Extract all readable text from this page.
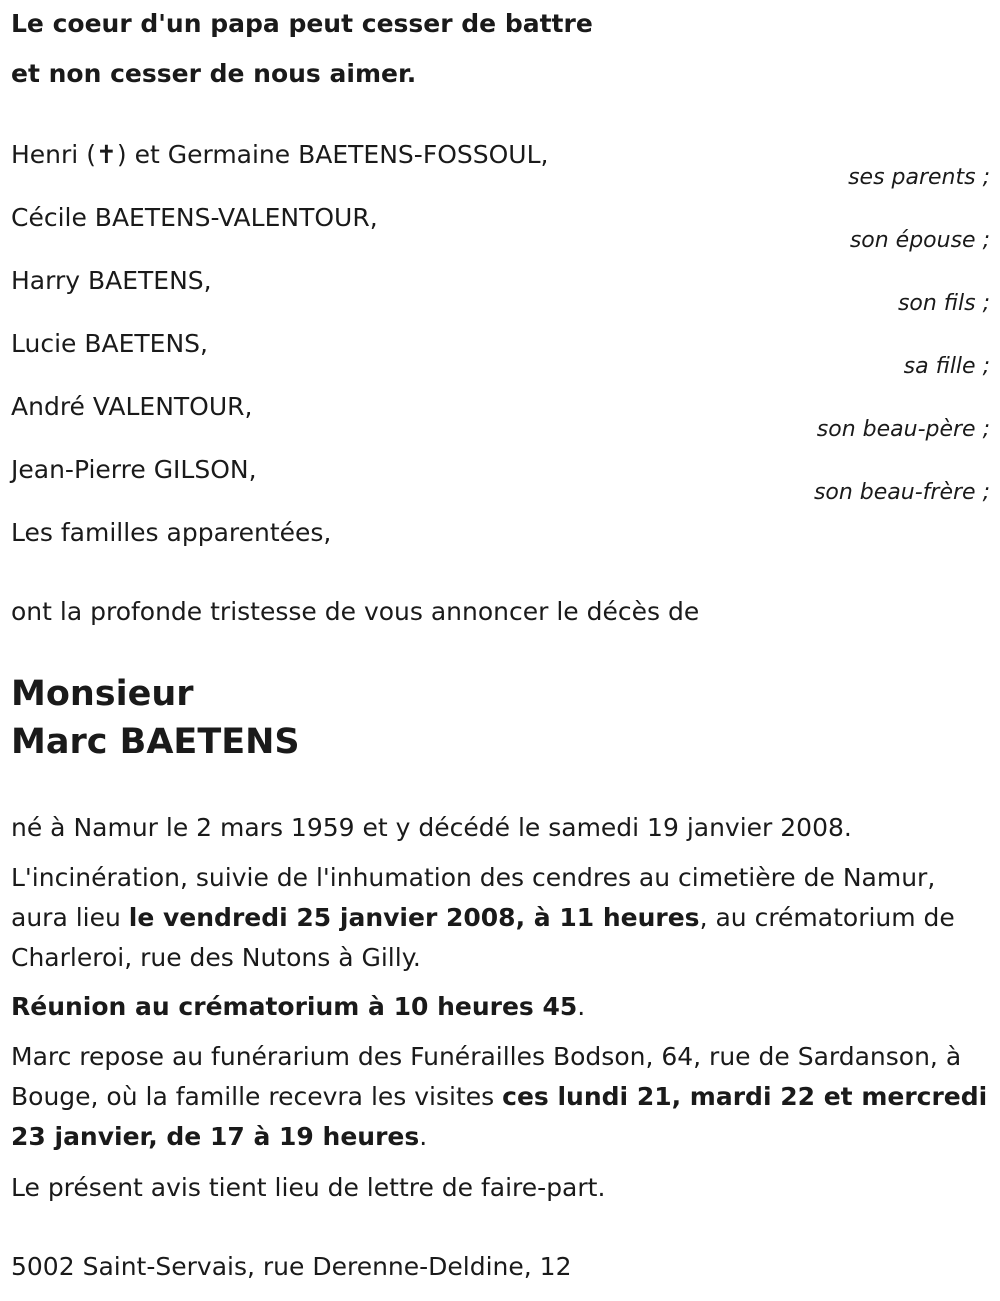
Le coeur d'un papa peut cesser de battre
et non cesser de nous aimer.
Henri (✝) et Germaine BAETENS-FOSSOUL,
ses parents ;
Cécile BAETENS-VALENTOUR,
son épouse ;
Harry BAETENS,
son fils ;
Lucie BAETENS,
sa fille ;
André VALENTOUR,
son beau-père ;
Jean-Pierre GILSON,
son beau-frère ;
Les familles apparentées,
ont la profonde tristesse de vous annoncer le décès de
Monsieur
Marc BAETENS
né à Namur le 2 mars 1959 et y décédé le samedi 19 janvier 2008.
L'incinération, suivie de l'inhumation des cendres au cimetière de Namur, aura lieu le vendredi 25 janvier 2008, à 11 heures, au crématorium de Charleroi, rue des Nutons à Gilly.
Réunion au crématorium à 10 heures 45.
Marc repose au funérarium des Funérailles Bodson, 64, rue de Sardanson, à Bouge, où la famille recevra les visites ces lundi 21, mardi 22 et mercredi 23 janvier, de 17 à 19 heures.
Le présent avis tient lieu de lettre de faire-part.
5002 Saint-Servais, rue Derenne-Deldine, 12
